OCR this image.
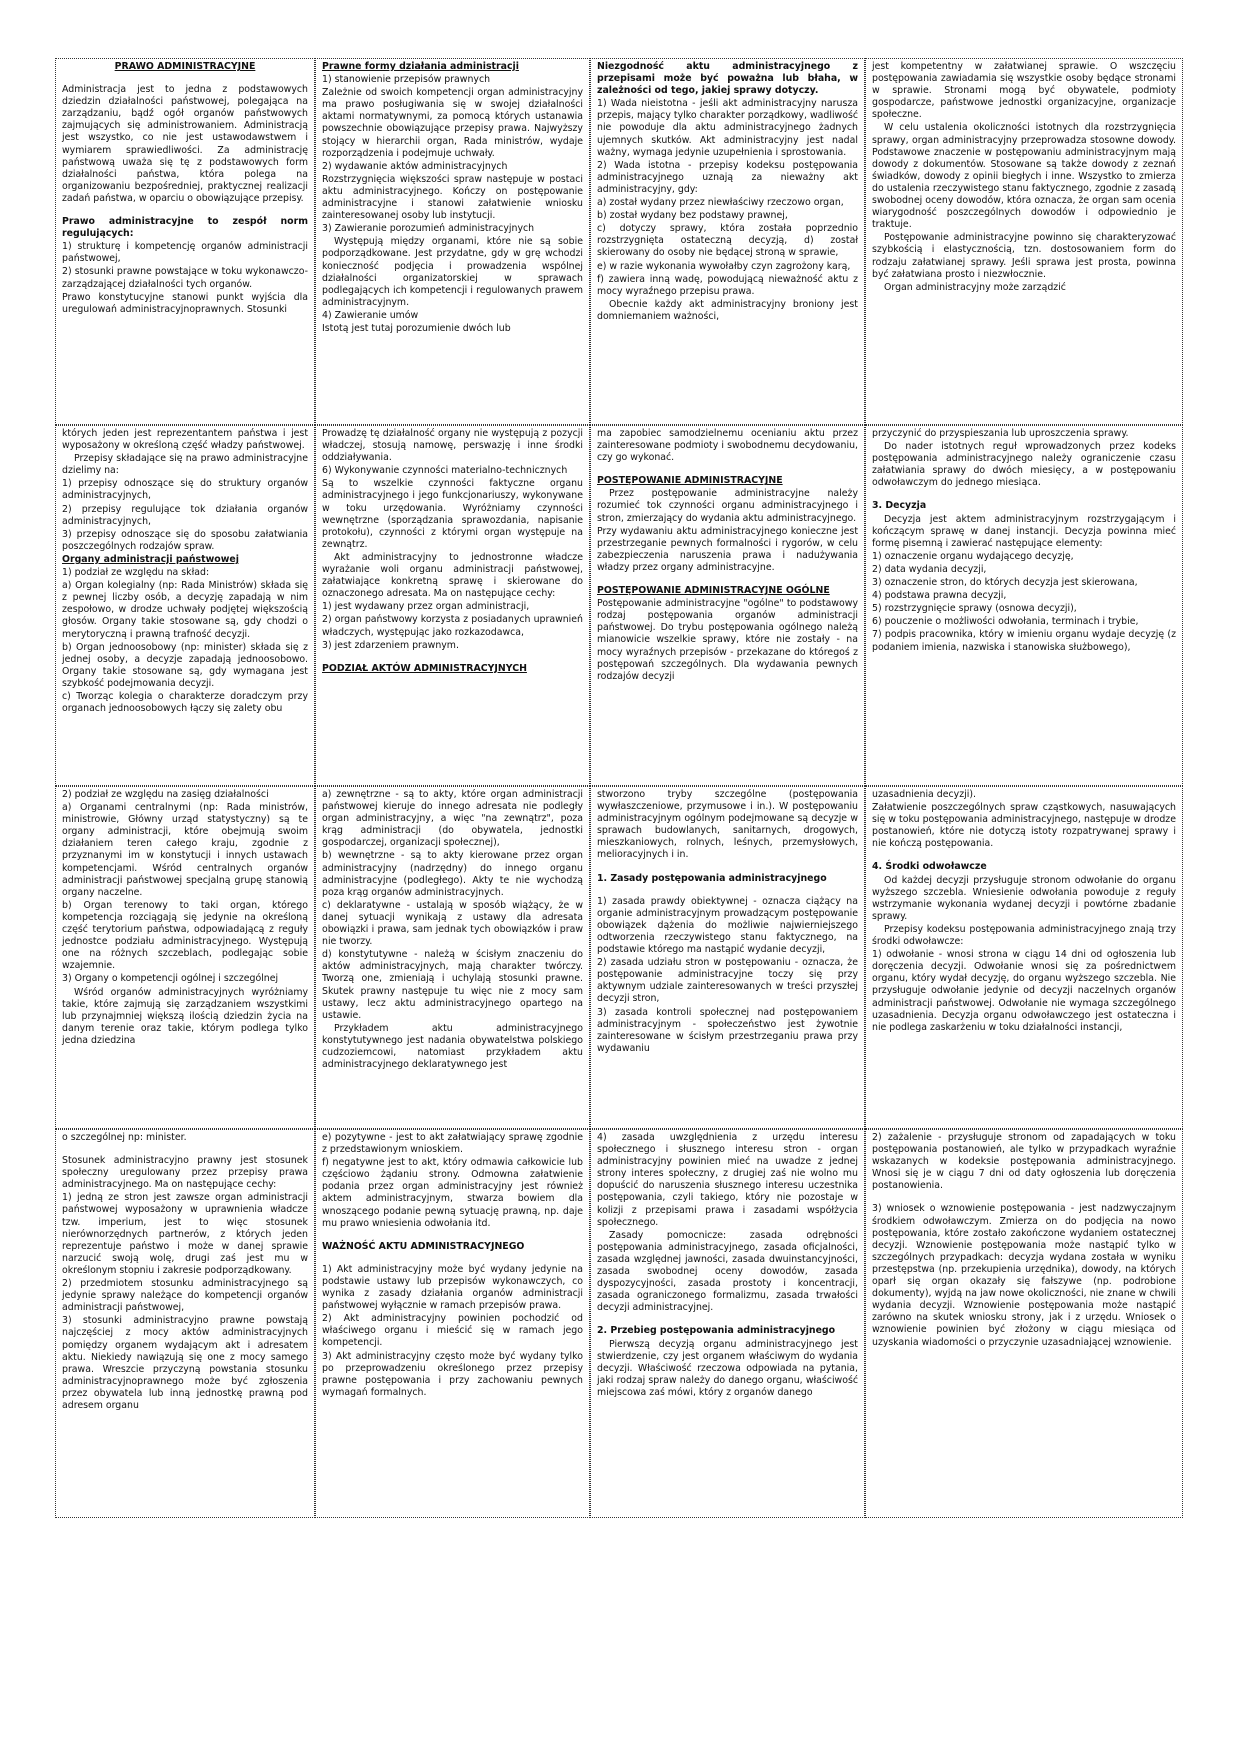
PRAWO ADMINISTRACYJNE

Administracja jest to jedna z podstawowych dziedzin działalności państwowej, polegająca na zarządzaniu, bądź ogół organów państwowych zajmujących się administrowaniem. Administracją jest wszystko, co nie jest ustawodawstwem i wymiarem sprawiedliwości. Za administrację państwową uważa się tę z podstawowych form działalności państwa, która polega na organizowaniu bezpośredniej, praktycznej realizacji zadań państwa, w oparciu o obowiązujące przepisy.

Prawo administracyjne to zespół norm regulujących:

1) strukturę i kompetencję organów administracji państwowej,

2) stosunki prawne powstające w toku wykonawczo-zarządzającej działalności tych organów.

Prawo konstytucyjne stanowi punkt wyjścia dla uregulowań administracyjnoprawnych. Stosunki

których jeden jest reprezentantem państwa i jest wyposażony w określoną część władzy państwowej.

Przepisy składające się na prawo administracyjne dzielimy na:

1) przepisy odnoszące się do struktury organów administracyjnych,

2) przepisy regulujące tok działania organów administracyjnych,

3) przepisy odnoszące się do sposobu załatwiania poszczególnych rodzajów spraw.

Organy administracji państwowej

1) podział ze względu na skład:

a) Organ kolegialny (np: Rada Ministrów) składa się z pewnej liczby osób, a decyzję zapadają w nim zespołowo, w drodze uchwały podjętej większością głosów. Organy takie stosowane są, gdy chodzi o merytoryczną i prawną trafność decyzji.

b) Organ jednoosobowy (np: minister) składa się z jednej osoby, a decyzje zapadają jednoosobowo. Organy takie stosowane są, gdy wymagana jest szybkość podejmowania decyzji.

c) Tworząc kolegia o charakterze doradczym przy organach jednoosobowych łączy się zalety obu

2) podział ze względu na zasięg działalności

a) Organami centralnymi (np: Rada ministrów, ministrowie, Główny urząd statystyczny) są te organy administracji, które obejmują swoim działaniem teren całego kraju, zgodnie z przyznanymi im w konstytucji i innych ustawach kompetencjami. Wśród centralnych organów administracji państwowej specjalną grupę stanowią organy naczelne.

b) Organ terenowy to taki organ, którego kompetencja rozciągają się jedynie na określoną część terytorium państwa, odpowiadającą z reguły jednostce podziału administracyjnego. Występują one na różnych szczeblach, podlegając sobie wzajemnie.

3) Organy o kompetencji ogólnej i szczególnej

Wśród organów administracyjnych wyróżniamy takie, które zajmują się zarządzaniem wszystkimi lub przynajmniej większą ilością dziedzin życia na danym terenie oraz takie, którym podlega tylko jedna dziedzina

o szczególnej np: minister.

Stosunek administracyjno prawny jest stosunek społeczny uregulowany przez przepisy prawa administracyjnego. Ma on następujące cechy:

1) jedną ze stron jest zawsze organ administracji państwowej wyposażony w uprawnienia władcze tzw. imperium, jest to więc stosunek nierównorzędnych partnerów, z których jeden reprezentuje państwo i może w danej sprawie narzucić swoją wolę, drugi zaś jest mu w określonym stopniu i zakresie podporządkowany.

2) przedmiotem stosunku administracyjnego są jedynie sprawy należące do kompetencji organów administracji państwowej,

3) stosunki administracyjno prawne powstają najczęściej z mocy aktów administracyjnych pomiędzy organem wydającym akt i adresatem aktu. Niekiedy nawiązują się one z mocy samego prawa. Wreszcie przyczyną powstania stosunku administracyjnoprawnego może być zgłoszenia przez obywatela lub inną jednostkę prawną pod adresem organu

Prawne formy działania administracji

1) stanowienie przepisów prawnych

Zależnie od swoich kompetencji organ administracyjny ma prawo posługiwania się w swojej działalności aktami normatywnymi, za pomocą których ustanawia powszechnie obowiązujące przepisy prawa. Najwyższy stojący w hierarchii organ, Rada ministrów, wydaje rozporządzenia i podejmuje uchwały.

2) wydawanie aktów administracyjnych

Rozstrzygnięcia większości spraw następuje w postaci aktu administracyjnego. Kończy on postępowanie administracyjne i stanowi załatwienie wniosku zainteresowanej osoby lub instytucji.

3) Zawieranie porozumień administracyjnych

Występują między organami, które nie są sobie podporządkowane. Jest przydatne, gdy w grę wchodzi konieczność podjęcia i prowadzenia wspólnej działalności organizatorskiej w sprawach podlegających ich kompetencji i regulowanych prawem administracyjnym.

4) Zawieranie umów

Istotą jest tutaj porozumienie dwóch lub

Prowadzę tę działalność organy nie występują z pozycji władczej, stosują namowę, perswazję i inne środki oddziaływania.

6) Wykonywanie czynności materialno-technicznych

Są to wszelkie czynności faktyczne organu administracyjnego i jego funkcjonariuszy, wykonywane w toku urzędowania. Wyróżniamy czynności wewnętrzne (sporządzania sprawozdania, napisanie protokołu), czynności z którymi organ występuje na zewnątrz.

Akt administracyjny to jednostronne władcze wyrażanie woli organu administracji państwowej, załatwiające konkretną sprawę i skierowane do oznaczonego adresata. Ma on następujące cechy:

1) jest wydawany przez organ administracji,

2) organ państwowy korzysta z posiadanych uprawnień władczych, występując jako rozkazodawca,

3) jest zdarzeniem prawnym.

PODZIAŁ AKTÓW ADMINISTRACYJNYCH

a) zewnętrzne - są to akty, które organ administracji państwowej kieruje do innego adresata nie podległy organ administracyjny, a więc "na zewnątrz", poza krąg administracji (do obywatela, jednostki gospodarczej, organizacji społecznej),

b) wewnętrzne - są to akty kierowane przez organ administracyjny (nadrzędny) do innego organu administracyjne (podległego). Akty te nie wychodzą poza krąg organów administracyjnych.

c) deklaratywne - ustalają w sposób wiążący, że w danej sytuacji wynikają z ustawy dla adresata obowiązki i prawa, sam jednak tych obowiązków i praw nie tworzy.

d) konstytutywne - należą w ścisłym znaczeniu do aktów administracyjnych, mają charakter twórczy. Tworzą one, zmieniają i uchylają stosunki prawne. Skutek prawny następuje tu więc nie z mocy sam ustawy, lecz aktu administracyjnego opartego na ustawie.

Przykładem aktu administracyjnego konstytutywnego jest nadania obywatelstwa polskiego cudzoziemcowi, natomiast przykładem aktu administracyjnego deklaratywnego jest

e) pozytywne - jest to akt załatwiający sprawę zgodnie z przedstawionym wnioskiem.

f) negatywne jest to akt, który odmawia całkowicie lub częściowo żądaniu strony. Odmowna załatwienie podania przez organ administracyjny jest również aktem administracyjnym, stwarza bowiem dla wnoszącego podanie pewną sytuację prawną, np. daje mu prawo wniesienia odwołania itd.

WAŻNOŚĆ AKTU ADMINISTRACYJNEGO

1) Akt administracyjny może być wydany jedynie na podstawie ustawy lub przepisów wykonawczych, co wynika z zasady działania organów administracji państwowej wyłącznie w ramach przepisów prawa.

2) Akt administracyjny powinien pochodzić od właściwego organu i mieścić się w ramach jego kompetencji.

3) Akt administracyjny często może być wydany tylko po przeprowadzeniu określonego przez przepisy prawne postępowania i przy zachowaniu pewnych wymagań formalnych.

Niezgodność aktu administracyjnego z przepisami może być poważna lub błaha, w zależności od tego, jakiej sprawy dotyczy.

1) Wada nieistotna - jeśli akt administracyjny narusza przepis, mający tylko charakter porządkowy, wadliwość nie powoduje dla aktu administracyjnego żadnych ujemnych skutków. Akt administracyjny jest nadal ważny, wymaga jedynie uzupełnienia i sprostowania.

2) Wada istotna - przepisy kodeksu postępowania administracyjnego uznają za nieważny akt administracyjny, gdy:

a) został wydany przez niewłaściwy rzeczowo organ,

b) został wydany bez podstawy prawnej,

c) dotyczy sprawy, która została poprzednio rozstrzygnięta ostateczną decyzją, d) został skierowany do osoby nie będącej stroną w sprawie,

e) w razie wykonania wywołałby czyn zagrożony karą,

f) zawiera inną wadę, powodującą nieważność aktu z mocy wyraźnego przepisu prawa.

Obecnie każdy akt administracyjny broniony jest domniemaniem ważności,

ma zapobiec samodzielnemu ocenianiu aktu przez zainteresowane podmioty i swobodnemu decydowaniu, czy go wykonać.

POSTĘPOWANIE ADMINISTRACYJNE

Przez postępowanie administracyjne należy rozumieć tok czynności organu administracyjnego i stron, zmierzający do wydania aktu administracyjnego.

Przy wydawaniu aktu administracyjnego konieczne jest przestrzeganie pewnych formalności i rygorów, w celu zabezpieczenia naruszenia prawa i nadużywania władzy przez organy administracyjne.

POSTĘPOWANIE ADMINISTRACYJNE OGÓLNE

Postępowanie administracyjne "ogólne" to podstawowy rodzaj postępowania organów administracji państwowej. Do trybu postępowania ogólnego należą mianowicie wszelkie sprawy, które nie zostały - na mocy wyraźnych przepisów - przekazane do któregoś z postępowań szczególnych. Dla wydawania pewnych rodzajów decyzji

stworzono tryby szczególne (postępowania wywłaszczeniowe, przymusowe i in.). W postępowaniu administracyjnym ogólnym podejmowane są decyzje w sprawach budowlanych, sanitarnych, drogowych, mieszkaniowych, rolnych, leśnych, przemysłowych, melioracyjnych i in.

1. Zasady postępowania administracyjnego

1) zasada prawdy obiektywnej - oznacza ciążący na organie administracyjnym prowadzącym postępowanie obowiązek dążenia do możliwie najwierniejszego odtworzenia rzeczywistego stanu faktycznego, na podstawie którego ma nastąpić wydanie decyzji,

2) zasada udziału stron w postępowaniu - oznacza, że postępowanie administracyjne toczy się przy aktywnym udziale zainteresowanych w treści przyszłej decyzji stron,

3) zasada kontroli społecznej nad postępowaniem administracyjnym - społeczeństwo jest żywotnie zainteresowane w ścisłym przestrzeganiu prawa przy wydawaniu

4) zasada uwzględnienia z urzędu interesu społecznego i słusznego interesu stron - organ administracyjny powinien mieć na uwadze z jednej strony interes społeczny, z drugiej zaś nie wolno mu dopuścić do naruszenia słusznego interesu uczestnika postępowania, czyli takiego, który nie pozostaje w kolizji z przepisami prawa i zasadami współżycia społecznego.

Zasady pomocnicze: zasada odrębności postępowania administracyjnego, zasada oficjalności, zasada względnej jawności, zasada dwuinstancyjności, zasada swobodnej oceny dowodów, zasada dyspozycyjności, zasada prostoty i koncentracji, zasada ograniczonego formalizmu, zasada trwałości decyzji administracyjnej.

2. Przebieg postępowania administracyjnego

Pierwszą decyzją organu administracyjnego jest stwierdzenie, czy jest organem właściwym do wydania decyzji. Właściwość rzeczowa odpowiada na pytania, jaki rodzaj spraw należy do danego organu, właściwość miejscowa zaś mówi, który z organów danego

jest kompetentny w załatwianej sprawie. O wszczęciu postępowania zawiadamia się wszystkie osoby będące stronami w sprawie. Stronami mogą być obywatele, podmioty gospodarcze, państwowe jednostki organizacyjne, organizacje społeczne.

W celu ustalenia okoliczności istotnych dla rozstrzygnięcia sprawy, organ administracyjny przeprowadza stosowne dowody. Podstawowe znaczenie w postępowaniu administracyjnym mają dowody z dokumentów. Stosowane są także dowody z zeznań świadków, dowody z opinii biegłych i inne. Wszystko to zmierza do ustalenia rzeczywistego stanu faktycznego, zgodnie z zasadą swobodnej oceny dowodów, która oznacza, że organ sam ocenia wiarygodność poszczególnych dowodów i odpowiednio je traktuje.

Postępowanie administracyjne powinno się charakteryzować szybkością i elastycznością, tzn. dostosowaniem form do rodzaju załatwianej sprawy. Jeśli sprawa jest prosta, powinna być załatwiana prosto i niezwłocznie.

Organ administracyjny może zarządzić

przyczynić do przyspieszania lub uproszczenia sprawy.

Do nader istotnych reguł wprowadzonych przez kodeks postępowania administracyjnego należy ograniczenie czasu załatwiania sprawy do dwóch miesięcy, a w postępowaniu odwoławczym do jednego miesiąca.

3. Decyzja

Decyzja jest aktem administracyjnym rozstrzygającym i kończącym sprawę w danej instancji. Decyzja powinna mieć formę pisemną i zawierać następujące elementy:

1) oznaczenie organu wydającego decyzję,

2) data wydania decyzji,

3) oznaczenie stron, do których decyzja jest skierowana,

4) podstawa prawna decyzji,

5) rozstrzygnięcie sprawy (osnowa decyzji),

6) pouczenie o możliwości odwołania, terminach i trybie,

7) podpis pracownika, który w imieniu organu wydaje decyzję (z podaniem imienia, nazwiska i stanowiska służbowego),

uzasadnienia decyzji).

Załatwienie poszczególnych spraw cząstkowych, nasuwających się w toku postępowania administracyjnego, następuje w drodze postanowień, które nie dotyczą istoty rozpatrywanej sprawy i nie kończą postępowania.

4. Środki odwoławcze

Od każdej decyzji przysługuje stronom odwołanie do organu wyższego szczebla. Wniesienie odwołania powoduje z reguły wstrzymanie wykonania wydanej decyzji i powtórne zbadanie sprawy.

Przepisy kodeksu postępowania administracyjnego znają trzy środki odwoławcze:

1) odwołanie - wnosi strona w ciągu 14 dni od ogłoszenia lub doręczenia decyzji. Odwołanie wnosi się za pośrednictwem organu, który wydał decyzję, do organu wyższego szczebla. Nie przysługuje odwołanie jedynie od decyzji naczelnych organów administracji państwowej. Odwołanie nie wymaga szczególnego uzasadnienia. Decyzja organu odwoławczego jest ostateczna i nie podlega zaskarżeniu w toku działalności instancji,

2) zażalenie - przysługuje stronom od zapadających w toku postępowania postanowień, ale tylko w przypadkach wyraźnie wskazanych w kodeksie postępowania administracyjnego. Wnosi się je w ciągu 7 dni od daty ogłoszenia lub doręczenia postanowienia.

3) wniosek o wznowienie postępowania - jest nadzwyczajnym środkiem odwoławczym. Zmierza on do podjęcia na nowo postępowania, które zostało zakończone wydaniem ostatecznej decyzji. Wznowienie postępowania może nastąpić tylko w szczególnych przypadkach: decyzja wydana została w wyniku przestępstwa (np. przekupienia urzędnika), dowody, na których oparł się organ okazały się fałszywe (np. podrobione dokumenty), wyjdą na jaw nowe okoliczności, nie znane w chwili wydania decyzji. Wznowienie postępowania może nastąpić zarówno na skutek wniosku strony, jak i z urzędu. Wniosek o wznowienie powinien być złożony w ciągu miesiąca od uzyskania wiadomości o przyczynie uzasadniającej wznowienie.
